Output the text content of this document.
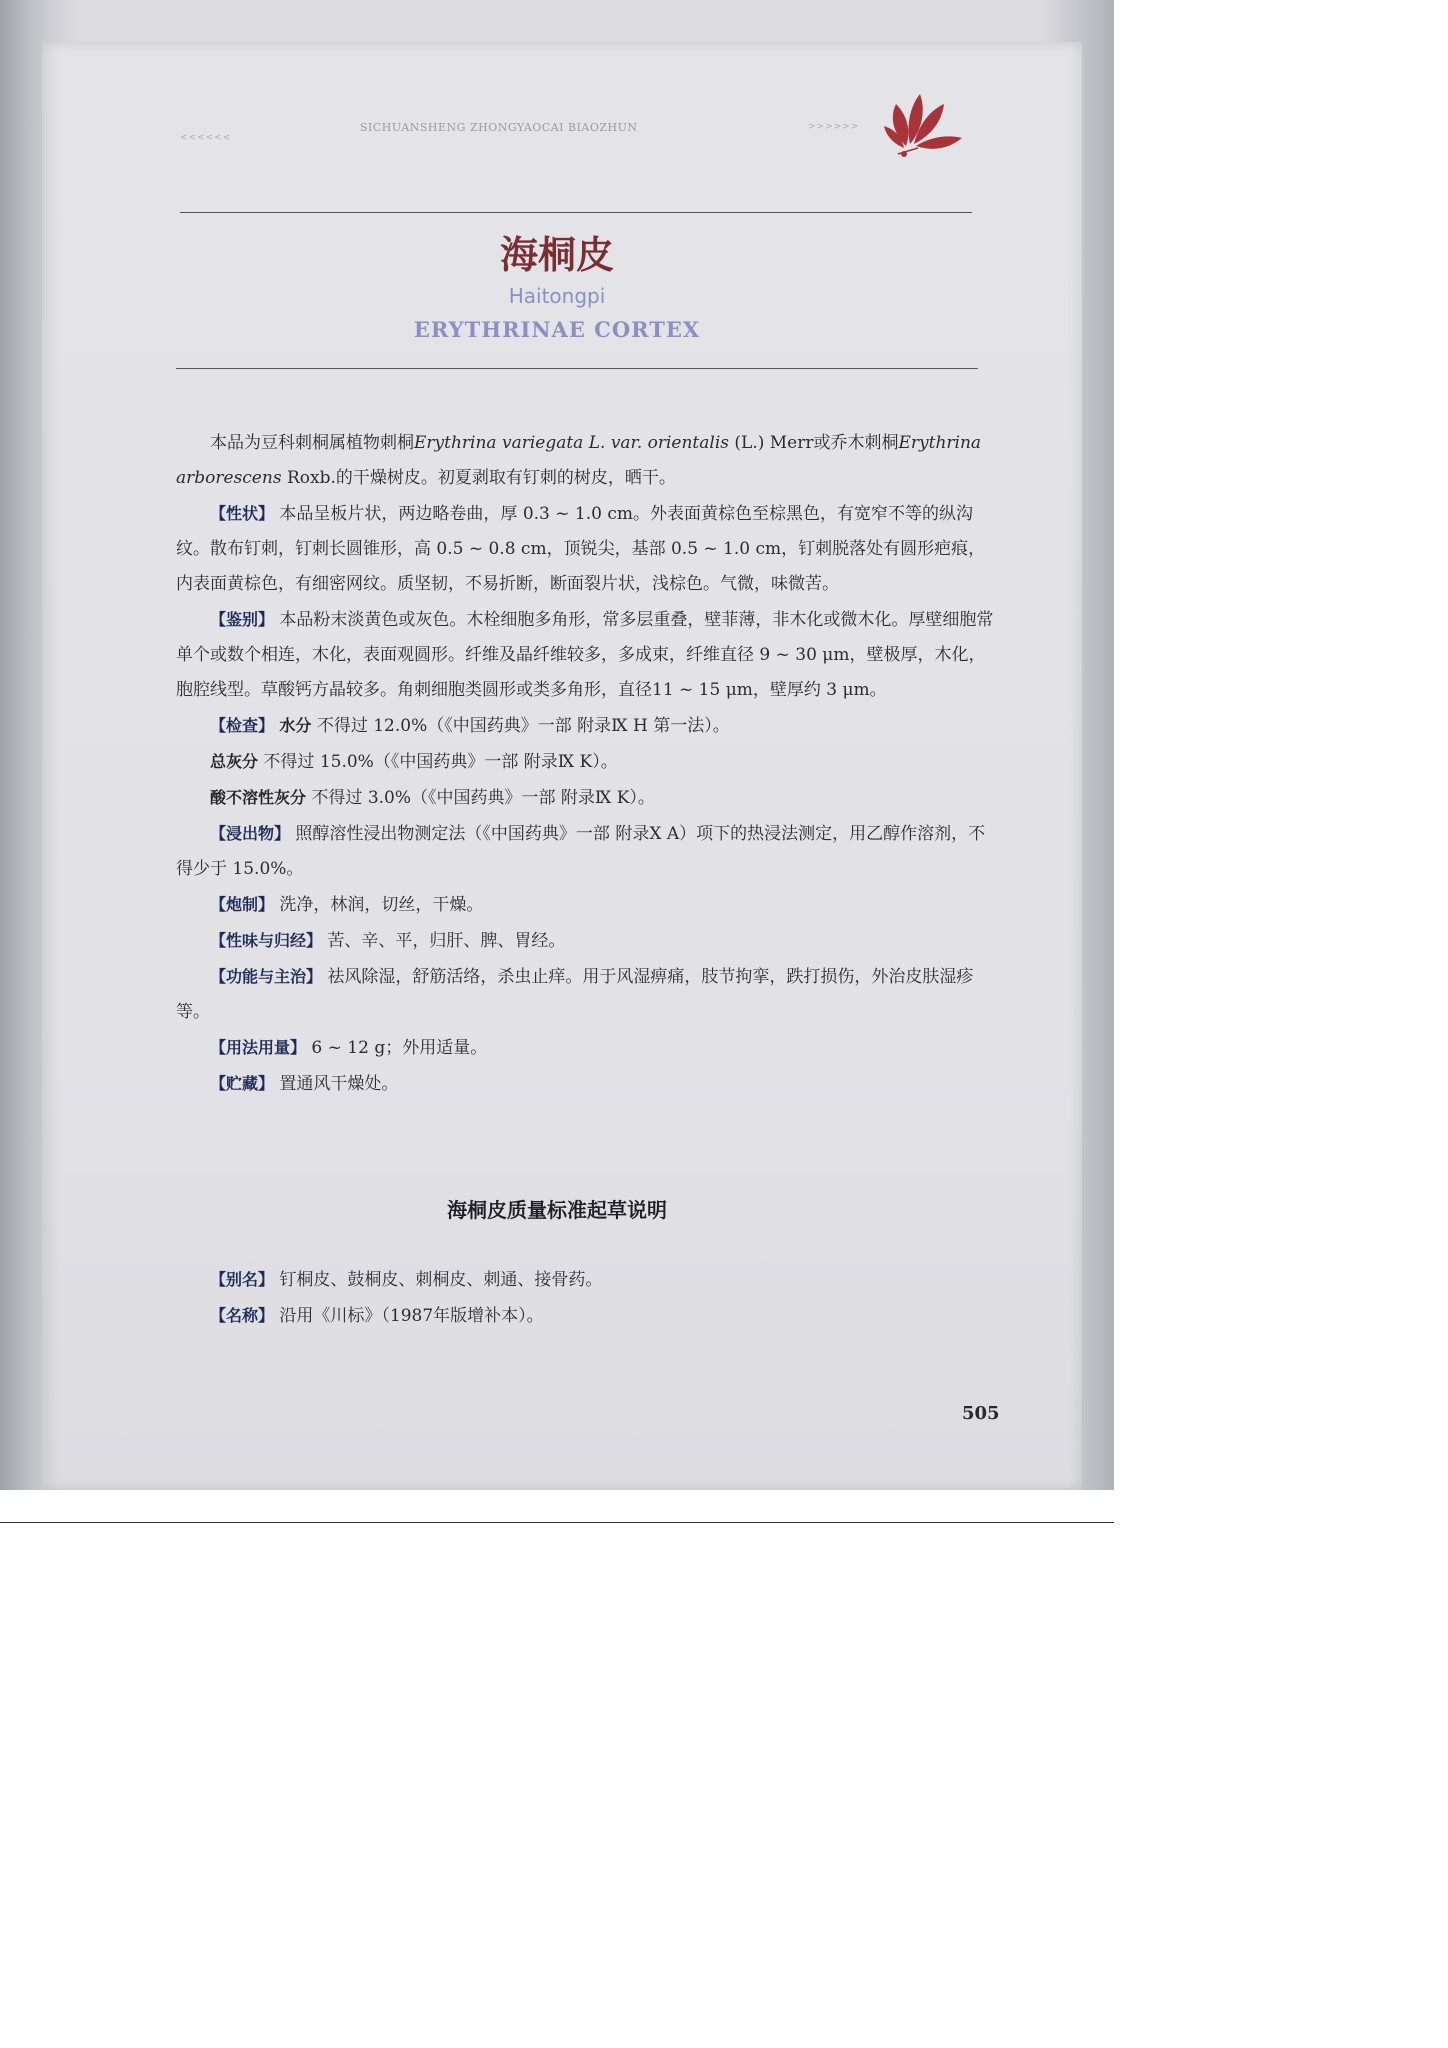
<<<<<<
SICHUANSHENG ZHONGYAOCAI BIAOZHUN	>>>>>>
海桐皮
Haitongpi
ERYTHRINAE CORTEX

本品为豆科刺桐属植物刺桐Erythrina variegata L. var. orientalis (L.) Merr或乔木刺桐Erythrina arborescens Roxb.的干燥树皮。初夏剥取有钉刺的树皮，晒干。

【性状】 本品呈板片状，两边略卷曲，厚 0.3 ~ 1.0 cm。外表面黄棕色至棕黑色，有宽窄不等的纵沟纹。散布钉刺，钉刺长圆锥形，高 0.5 ~ 0.8 cm，顶锐尖，基部 0.5 ~ 1.0 cm，钉刺脱落处有圆形疤痕，内表面黄棕色，有细密网纹。质坚韧，不易折断，断面裂片状，浅棕色。气微，味微苦。

【鉴别】 本品粉末淡黄色或灰色。木栓细胞多角形，常多层重叠，壁菲薄，非木化或微木化。厚壁细胞常单个或数个相连，木化，表面观圆形。纤维及晶纤维较多，多成束，纤维直径 9 ~ 30 μm，壁极厚，木化，胞腔线型。草酸钙方晶较多。角刺细胞类圆形或类多角形，直径11 ~ 15 μm，壁厚约 3 μm。

【检查】 水分 不得过 12.0%（《中国药典》一部 附录Ⅸ H 第一法）。

总灰分 不得过 15.0%（《中国药典》一部 附录Ⅸ K）。

酸不溶性灰分 不得过 3.0%（《中国药典》一部 附录Ⅸ K）。

【浸出物】 照醇溶性浸出物测定法（《中国药典》一部 附录X A）项下的热浸法测定，用乙醇作溶剂，不得少于 15.0%。

【炮制】 洗净，林润，切丝，干燥。

【性味与归经】 苦、辛、平，归肝、脾、胃经。

【功能与主治】 祛风除湿，舒筋活络，杀虫止痒。用于风湿痹痛，肢节拘挛，跌打损伤，外治皮肤湿疹等。

【用法用量】 6 ~ 12 g；外用适量。

【贮藏】 置通风干燥处。

海桐皮质量标准起草说明

【别名】 钉桐皮、鼓桐皮、刺桐皮、刺通、接骨药。

【名称】 沿用《川标》（1987年版增补本）。

505
